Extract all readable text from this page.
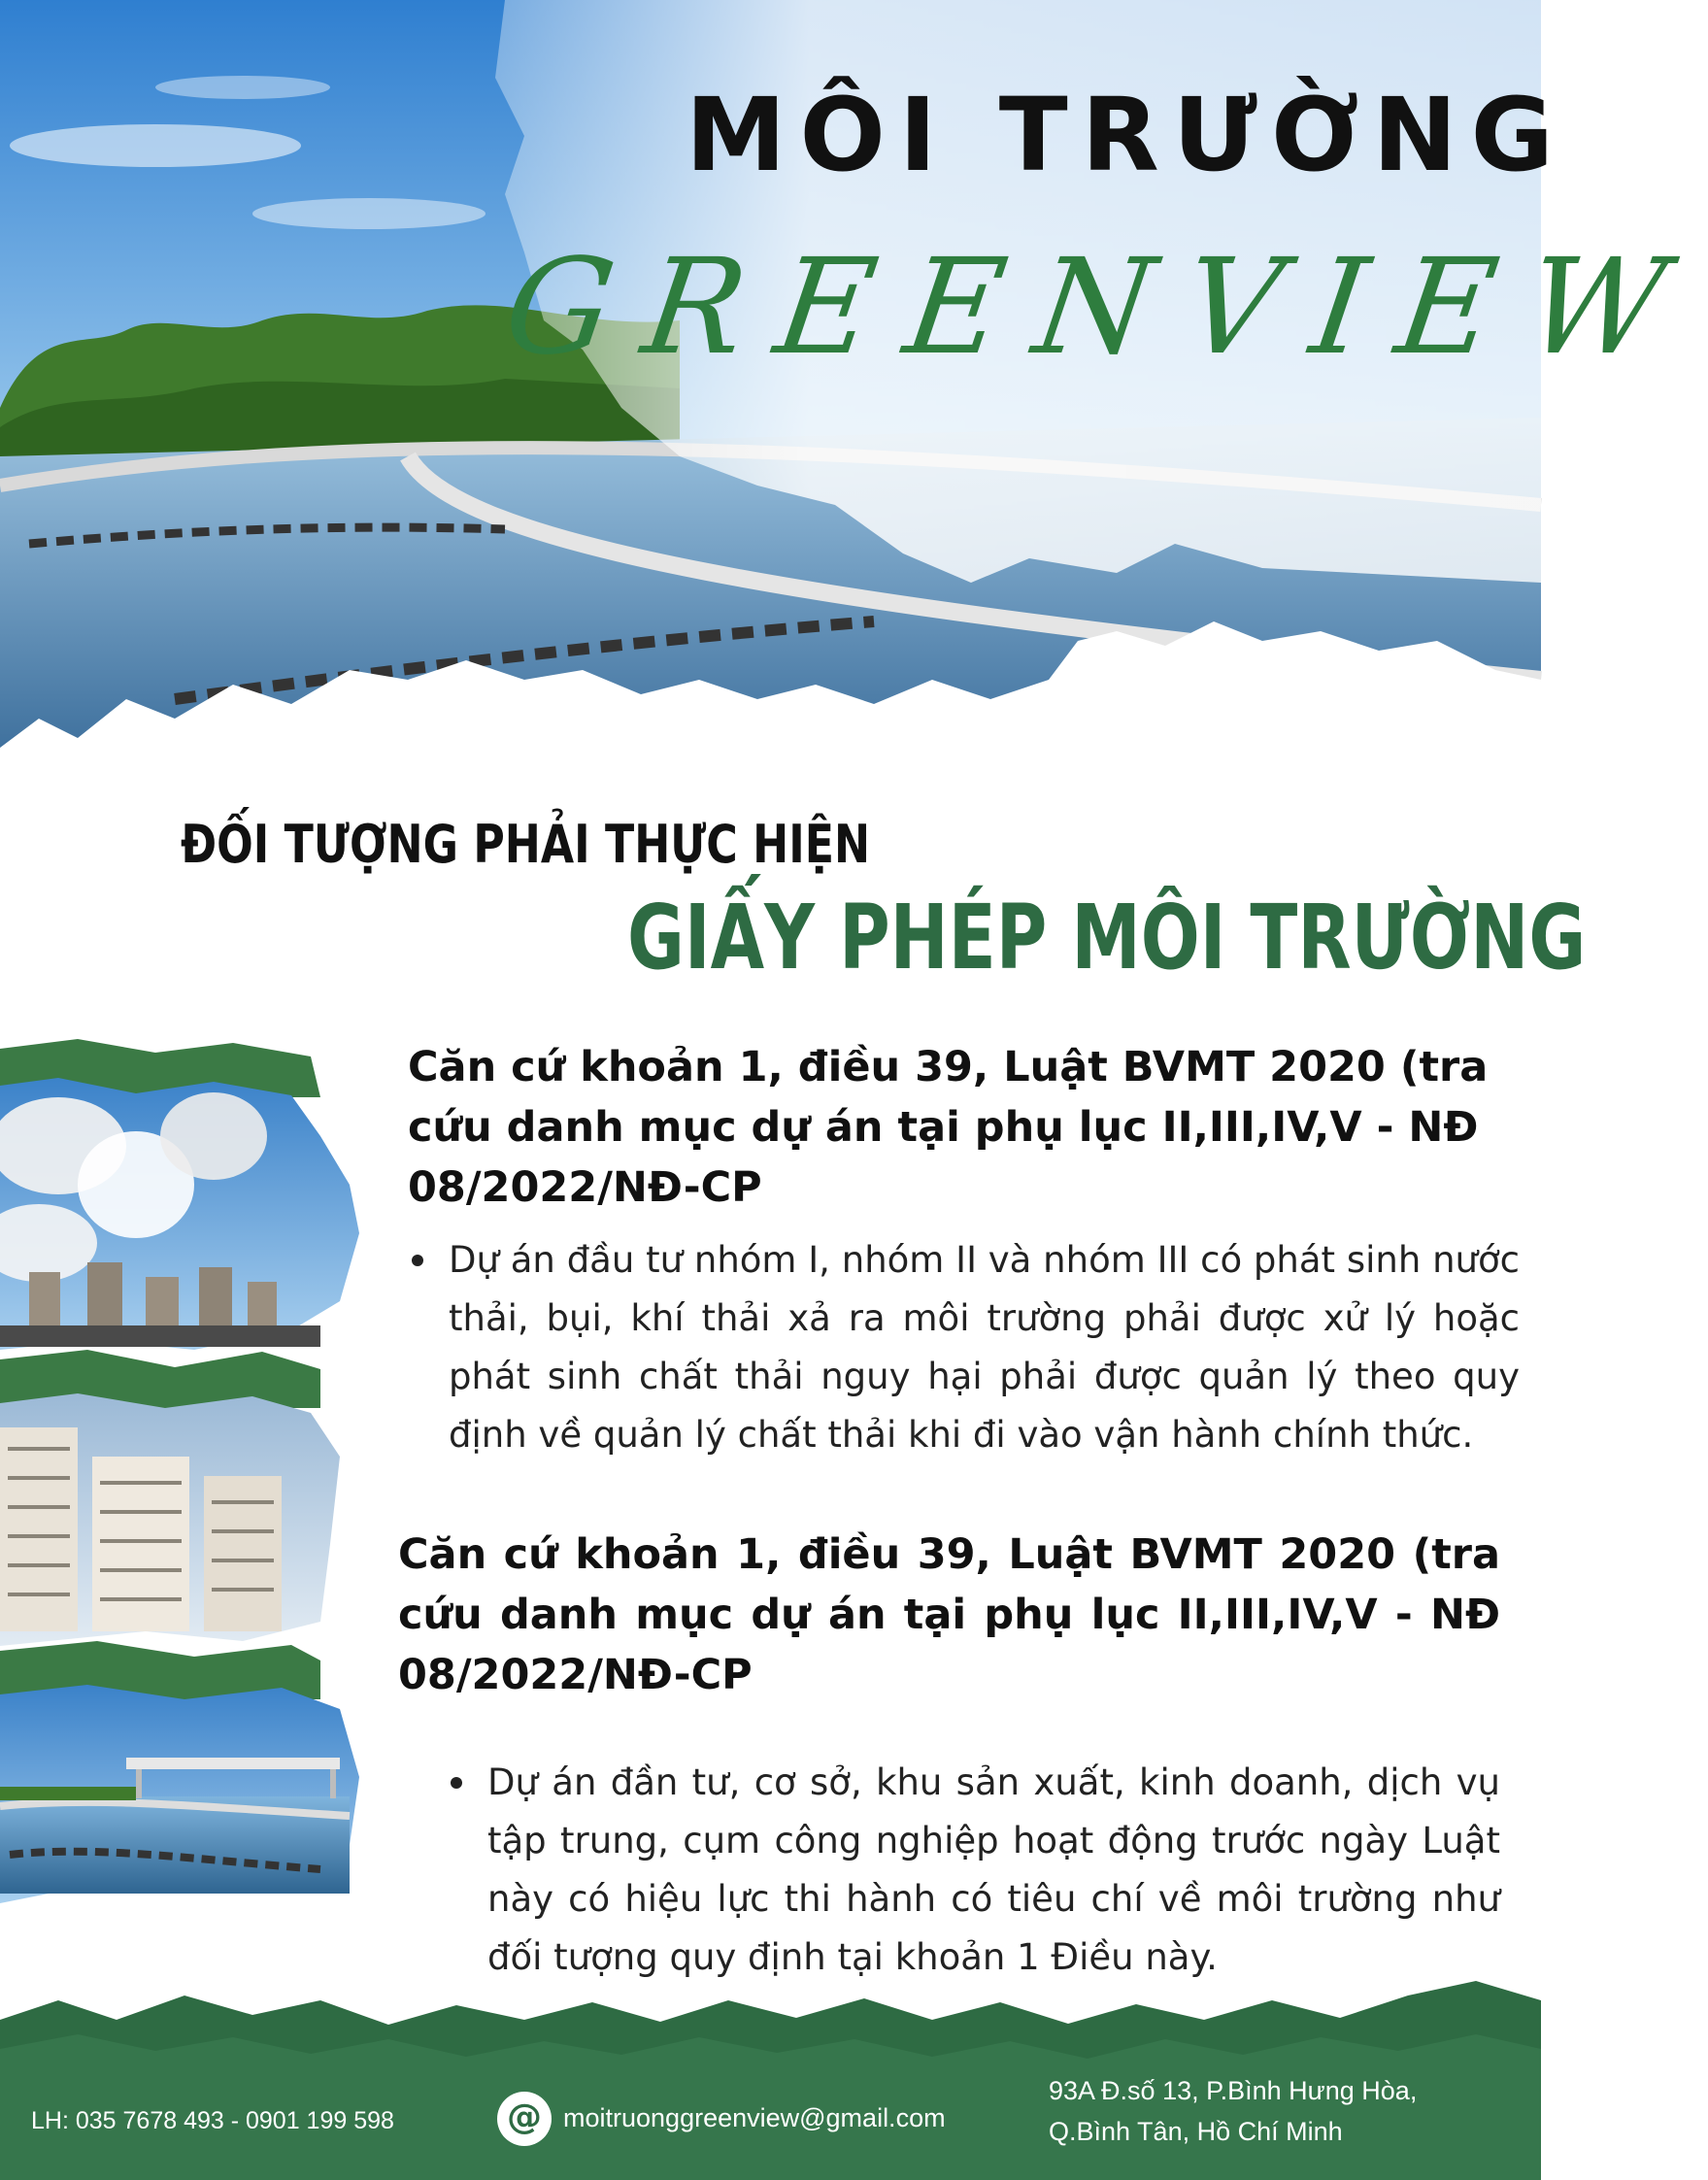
MÔI TRƯỜNG
GREENVIEW
ĐỐI TƯỢNG PHẢI THỰC HIỆN
GIẤY PHÉP MÔI TRƯỜNG

Căn cứ khoản 1, điều 39, Luật BVMT 2020 (tra cứu danh mục dự án tại phụ lục II,III,IV,V - NĐ 08/2022/NĐ-CP

Dự án đầu tư nhóm I, nhóm II và nhóm III có phát sinh nước thải, bụi, khí thải xả ra môi trường phải được xử lý hoặc phát sinh chất thải nguy hại phải được quản lý theo quy định về quản lý chất thải khi đi vào vận hành chính thức.

Căn cứ khoản 1, điều 39, Luật BVMT 2020 (tra cứu danh mục dự án tại phụ lục II,III,IV,V - NĐ 08/2022/NĐ-CP

Dự án đần tư, cơ sở, khu sản xuất, kinh doanh, dịch vụ tập trung, cụm công nghiệp hoạt động trước ngày Luật này có hiệu lực thi hành có tiêu chí về môi trường như đối tượng quy định tại khoản 1 Điều này.

LH: 035 7678 493 - 0901 199 598	@ moitruonggreenview@gmail.com
93A Đ.số 13, P.Bình Hưng Hòa,
Q.Bình Tân, Hồ Chí Minh
